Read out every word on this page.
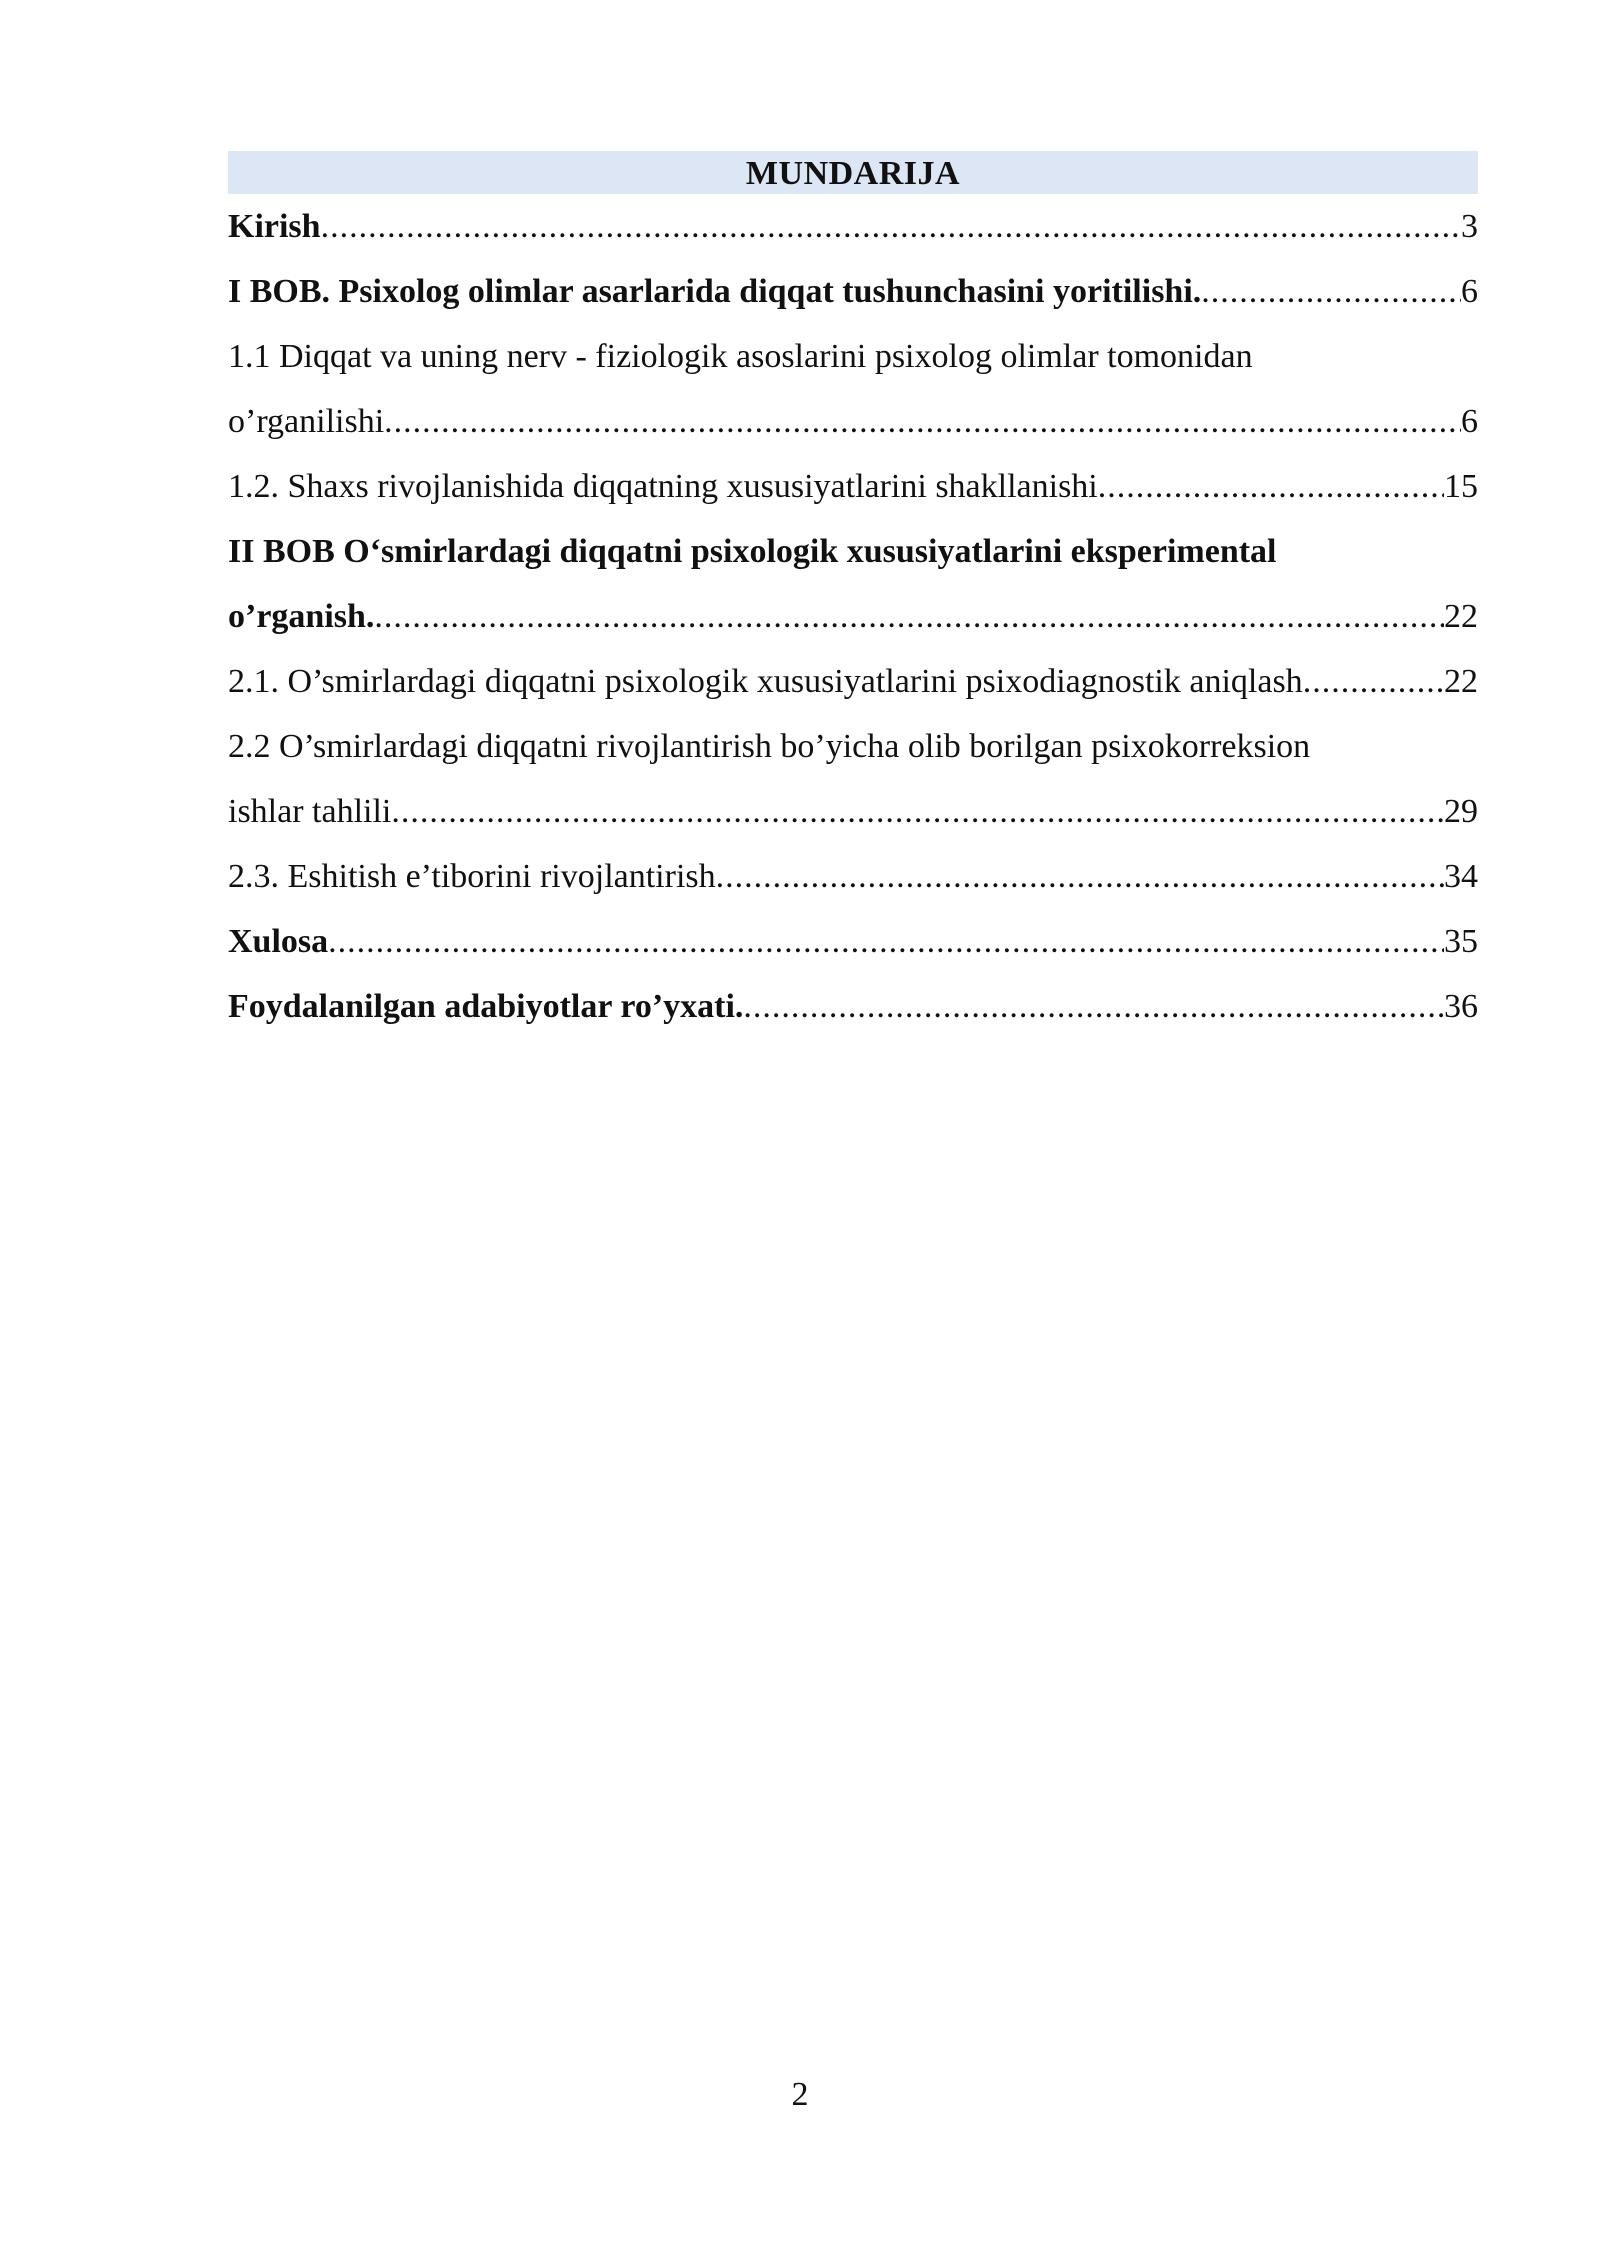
MUNDARIJA
Kirish .....	3
I BOB. Psixolog olimlar asarlarida diqqat tushunchasini yoritilishi. .....	6
1.1 Diqqat va uning nerv - fiziologik asoslarini psixolog olimlar tomonidan
o’rganilishi .....	6
1.2. Shaxs rivojlanishida diqqatning xususiyatlarini shakllanishi .....	15
II BOB O‘smirlardagi diqqatni psixologik xususiyatlarini eksperimental
o’rganish. .....	22
2.1. O’smirlardagi diqqatni psixologik xususiyatlarini psixodiagnostik aniqlash .....	22
2.2 O’smirlardagi diqqatni rivojlantirish bo’yicha olib borilgan psixokorreksion
ishlar tahlili .....	29
2.3. Eshitish e’tiborini rivojlantirish .....	34
Xulosa .....	35
Foydalanilgan adabiyotlar ro’yxati. .....	36
2
